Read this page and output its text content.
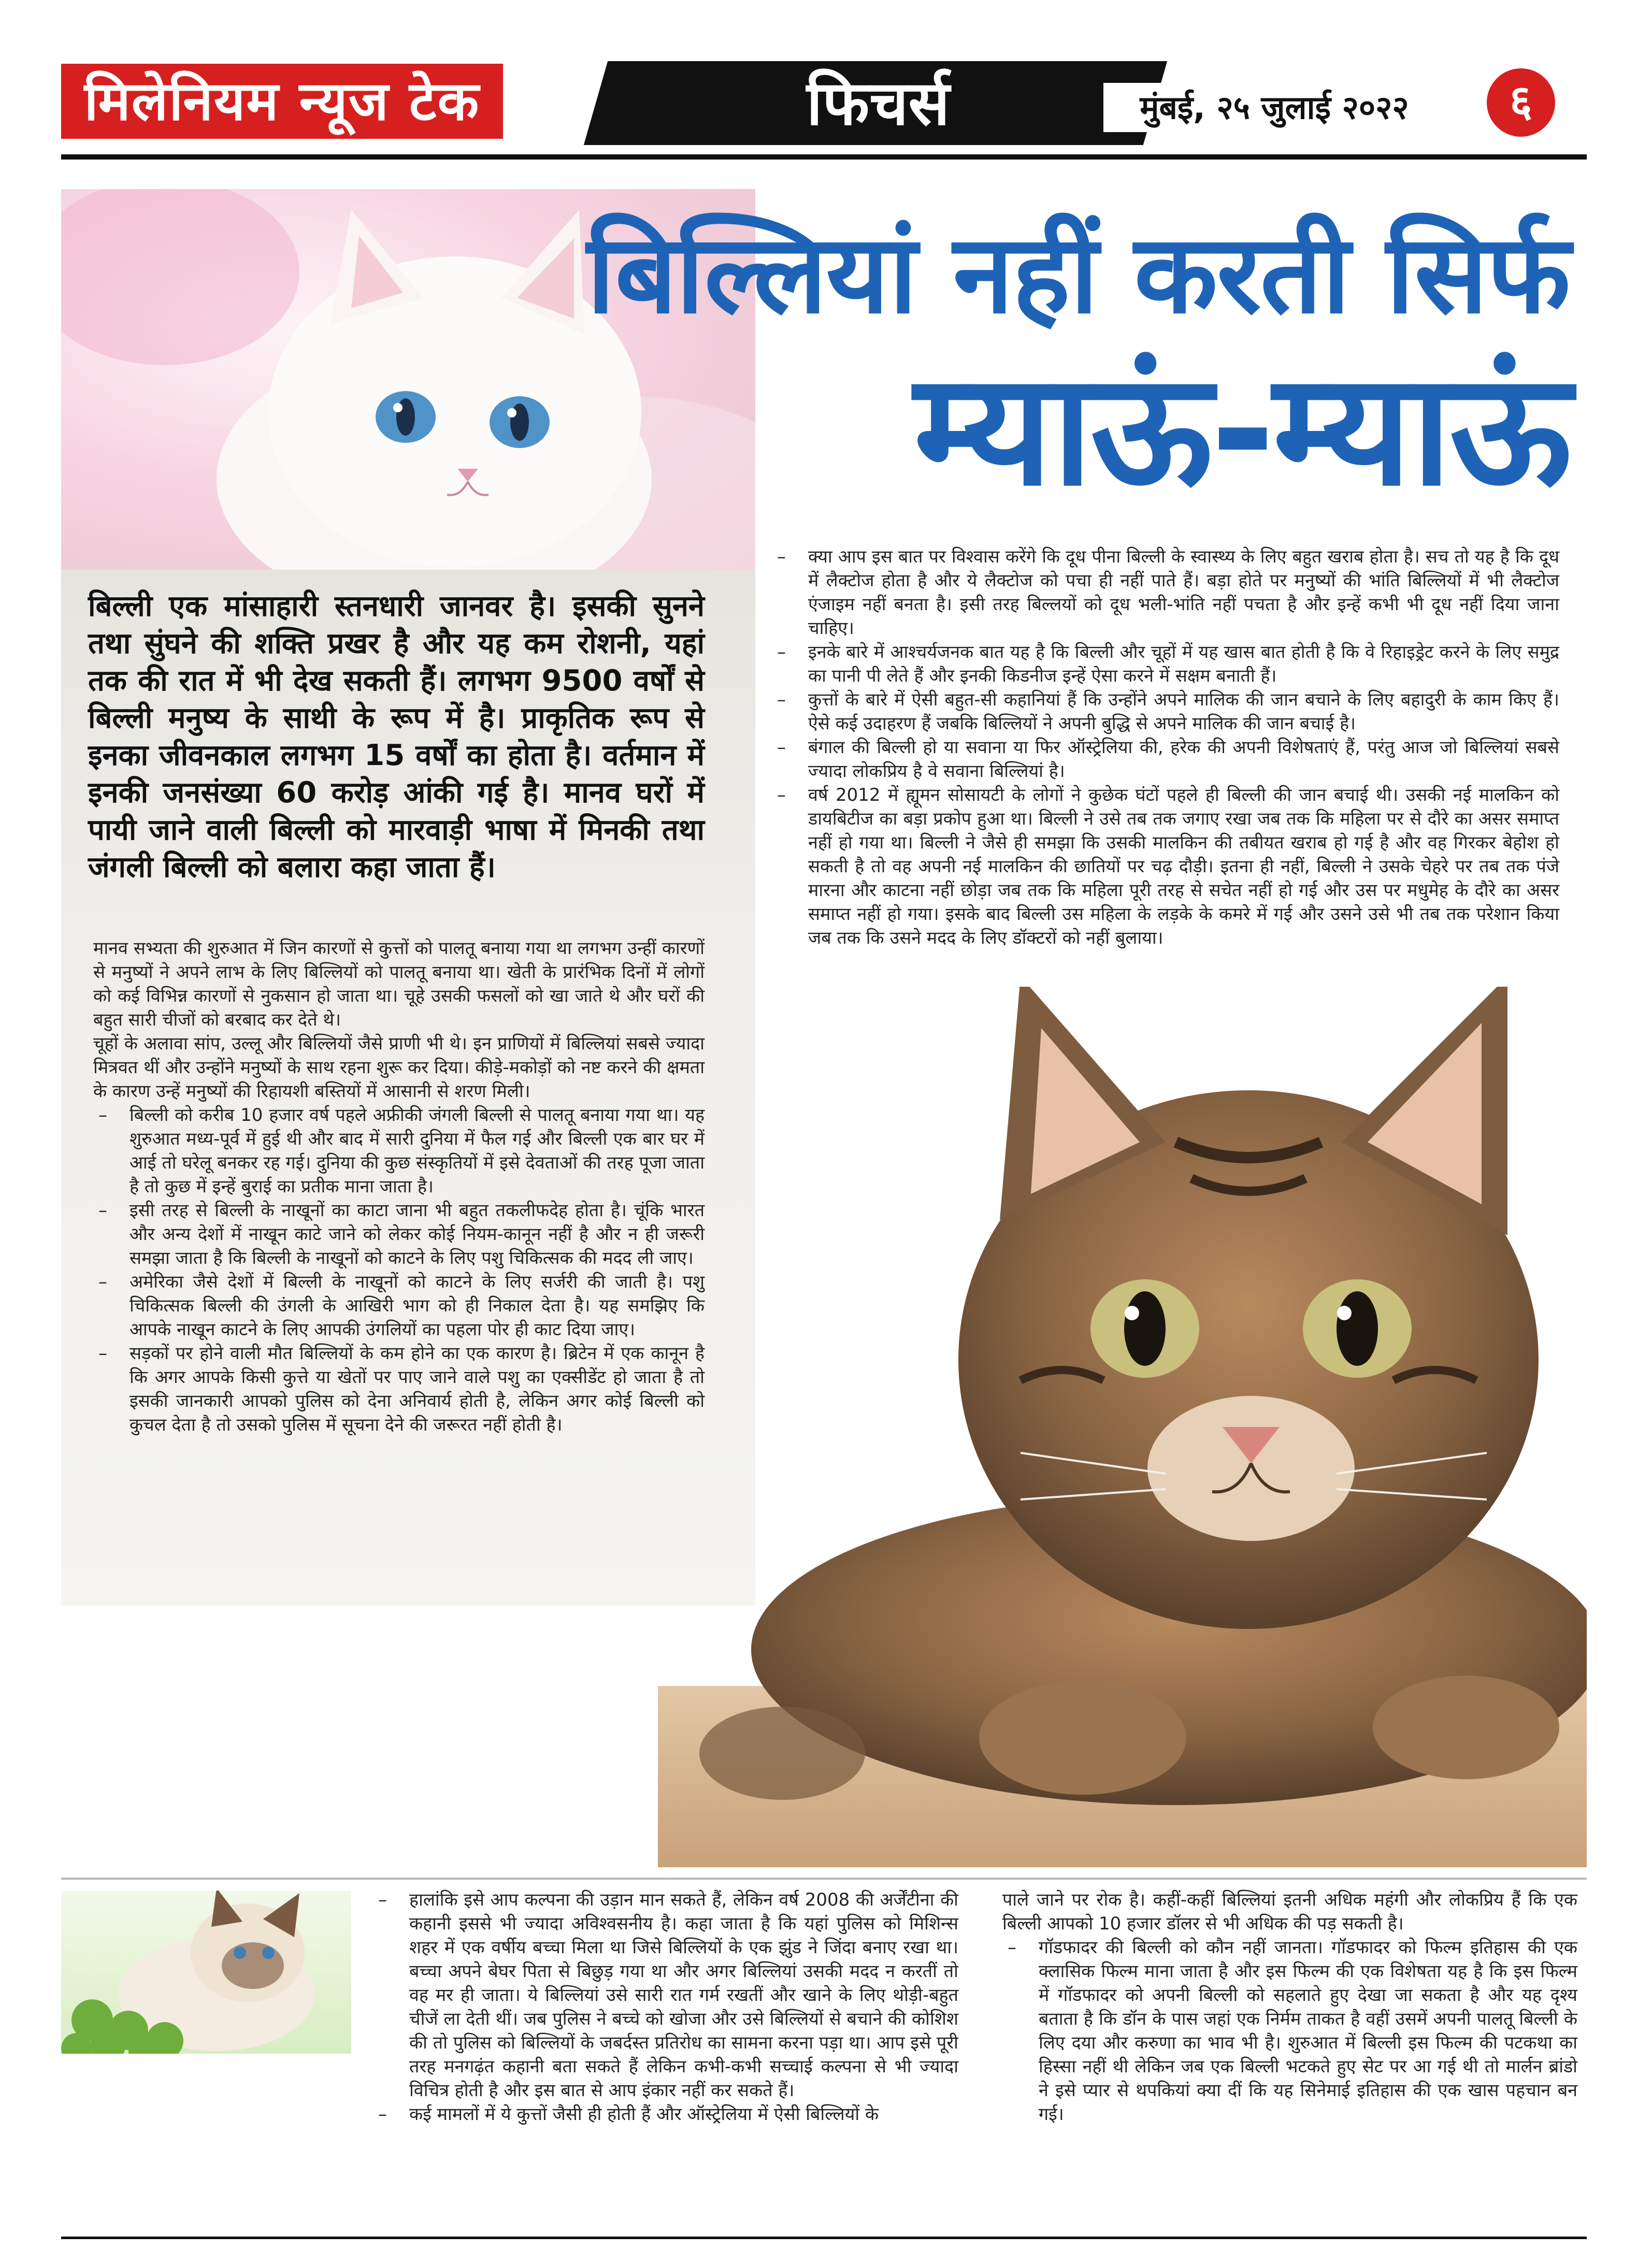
मिलेनियम न्यूज टेक	फिचर्स	मुंबई, २५ जुलाई २०२२	६
बिल्लियां नहीं करती सिर्फ
म्याऊं-म्याऊं
बिल्ली एक मांसाहारी स्तनधारी जानवर है। इसकी सुनने तथा सुंघने की शक्ति प्रखर है और यह कम रोशनी, यहां तक की रात में भी देख सकती हैं। लगभग 9500 वर्षों से बिल्ली मनुष्य के साथी के रूप में है। प्राकृतिक रूप से इनका जीवनकाल लगभग 15 वर्षों का होता है। वर्तमान में इनकी जनसंख्या 60 करोड़ आंकी गई है। मानव घरों में पायी जाने वाली बिल्ली को मारवाड़ी भाषा में मिनकी तथा जंगली बिल्ली को बलारा कहा जाता हैं।
मानव सभ्यता की शुरुआत में जिन कारणों से कुत्तों को पालतू बनाया गया था लगभग उन्हीं कारणों से मनुष्यों ने अपने लाभ के लिए बिल्लियों को पालतू बनाया था। खेती के प्रारंभिक दिनों में लोगों को कई विभिन्न कारणों से नुकसान हो जाता था। चूहे उसकी फसलों को खा जाते थे और घरों की बहुत सारी चीजों को बरबाद कर देते थे।
चूहों के अलावा सांप, उल्लू और बिल्लियों जैसे प्राणी भी थे। इन प्राणियों में बिल्लियां सबसे ज्यादा मित्रवत थीं और उन्होंने मनुष्यों के साथ रहना शुरू कर दिया। कीड़े-मकोड़ों को नष्ट करने की क्षमता के कारण उन्हें मनुष्यों की रिहायशी बस्तियों में आसानी से शरण मिली।
– बिल्ली को करीब 10 हजार वर्ष पहले अफ्रीकी जंगली बिल्ली से पालतू बनाया गया था। यह शुरुआत मध्य-पूर्व में हुई थी और बाद में सारी दुनिया में फैल गई और बिल्ली एक बार घर में आई तो घरेलू बनकर रह गई। दुनिया की कुछ संस्कृतियों में इसे देवताओं की तरह पूजा जाता है तो कुछ में इन्हें बुराई का प्रतीक माना जाता है।
– इसी तरह से बिल्ली के नाखूनों का काटा जाना भी बहुत तकलीफदेह होता है। चूंकि भारत और अन्य देशों में नाखून काटे जाने को लेकर कोई नियम-कानून नहीं है और न ही जरूरी समझा जाता है कि बिल्ली के नाखूनों को काटने के लिए पशु चिकित्सक की मदद ली जाए।
– अमेरिका जैसे देशों में बिल्ली के नाखूनों को काटने के लिए सर्जरी की जाती है। पशु चिकित्सक बिल्ली की उंगली के आखिरी भाग को ही निकाल देता है। यह समझिए कि आपके नाखून काटने के लिए आपकी उंगलियों का पहला पोर ही काट दिया जाए।
– सड़कों पर होने वाली मौत बिल्लियों के कम होने का एक कारण है। ब्रिटेन में एक कानून है कि अगर आपके किसी कुत्ते या खेतों पर पाए जाने वाले पशु का एक्सीडेंट हो जाता है तो इसकी जानकारी आपको पुलिस को देना अनिवार्य होती है, लेकिन अगर कोई बिल्ली को कुचल देता है तो उसको पुलिस में सूचना देने की जरूरत नहीं होती है।
– क्या आप इस बात पर विश्वास करेंगे कि दूध पीना बिल्ली के स्वास्थ्य के लिए बहुत खराब होता है। सच तो यह है कि दूध में लैक्टोज होता है और ये लैक्टोज को पचा ही नहीं पाते हैं। बड़ा होते पर मनुष्यों की भांति बिल्लियों में भी लैक्टोज एंजाइम नहीं बनता है। इसी तरह बिल्लयों को दूध भली-भांति नहीं पचता है और इन्हें कभी भी दूध नहीं दिया जाना चाहिए।
– इनके बारे में आश्चर्यजनक बात यह है कि बिल्ली और चूहों में यह खास बात होती है कि वे रिहाइड्रेट करने के लिए समुद्र का पानी पी लेते हैं और इनकी किडनीज इन्हें ऐसा करने में सक्षम बनाती हैं।
– कुत्तों के बारे में ऐसी बहुत-सी कहानियां हैं कि उन्होंने अपने मालिक की जान बचाने के लिए बहादुरी के काम किए हैं। ऐसे कई उदाहरण हैं जबकि बिल्लियों ने अपनी बुद्धि से अपने मालिक की जान बचाई है।
– बंगाल की बिल्ली हो या सवाना या फिर ऑस्ट्रेलिया की, हरेक की अपनी विशेषताएं हैं, परंतु आज जो बिल्लियां सबसे ज्यादा लोकप्रिय है वे सवाना बिल्लियां है।
– वर्ष 2012 में ह्यूमन सोसायटी के लोगों ने कुछेक घंटों पहले ही बिल्ली की जान बचाई थी। उसकी नई मालकिन को डायबिटीज का बड़ा प्रकोप हुआ था। बिल्ली ने उसे तब तक जगाए रखा जब तक कि महिला पर से दौरे का असर समाप्त नहीं हो गया था। बिल्ली ने जैसे ही समझा कि उसकी मालकिन की तबीयत खराब हो गई है और वह गिरकर बेहोश हो सकती है तो वह अपनी नई मालकिन की छातियों पर चढ़ दौड़ी। इतना ही नहीं, बिल्ली ने उसके चेहरे पर तब तक पंजे मारना और काटना नहीं छोड़ा जब तक कि महिला पूरी तरह से सचेत नहीं हो गई और उस पर मधुमेह के दौरे का असर समाप्त नहीं हो गया। इसके बाद बिल्ली उस महिला के लड़के के कमरे में गई और उसने उसे भी तब तक परेशान किया जब तक कि उसने मदद के लिए डॉक्टरों को नहीं बुलाया।
– हालांकि इसे आप कल्पना की उड़ान मान सकते हैं, लेकिन वर्ष 2008 की अर्जेंटीना की कहानी इससे भी ज्यादा अविश्वसनीय है। कहा जाता है कि यहां पुलिस को मिशिन्स शहर में एक वर्षीय बच्चा मिला था जिसे बिल्लियों के एक झुंड ने जिंदा बनाए रखा था। बच्चा अपने बेघर पिता से बिछुड़ गया था और अगर बिल्लियां उसकी मदद न करतीं तो वह मर ही जाता। ये बिल्लियां उसे सारी रात गर्म रखतीं और खाने के लिए थोड़ी-बहुत चीजें ला देती थीं। जब पुलिस ने बच्चे को खोजा और उसे बिल्लियों से बचाने की कोशिश की तो पुलिस को बिल्लियों के जबर्दस्त प्रतिरोध का सामना करना पड़ा था। आप इसे पूरी तरह मनगढ़ंत कहानी बता सकते हैं लेकिन कभी-कभी सच्चाई कल्पना से भी ज्यादा विचित्र होती है और इस बात से आप इंकार नहीं कर सकते हैं।
– कई मामलों में ये कुत्तों जैसी ही होती हैं और ऑस्ट्रेलिया में ऐसी बिल्लियों के
पाले जाने पर रोक है। कहीं-कहीं बिल्लियां इतनी अधिक महंगी और लोकप्रिय हैं कि एक बिल्ली आपको 10 हजार डॉलर से भी अधिक की पड़ सकती है।
– गॉडफादर की बिल्ली को कौन नहीं जानता। गॉडफादर को फिल्म इतिहास की एक क्लासिक फिल्म माना जाता है और इस फिल्म की एक विशेषता यह है कि इस फिल्म में गॉडफादर को अपनी बिल्ली को सहलाते हुए देखा जा सकता है और यह दृश्य बताता है कि डॉन के पास जहां एक निर्मम ताकत है वहीं उसमें अपनी पालतू बिल्ली के लिए दया और करुणा का भाव भी है। शुरुआत में बिल्ली इस फिल्म की पटकथा का हिस्सा नहीं थी लेकिन जब एक बिल्ली भटकते हुए सेट पर आ गई थी तो मार्लन ब्रांडो ने इसे प्यार से थपकियां क्या दीं कि यह सिनेमाई इतिहास की एक खास पहचान बन गई।
